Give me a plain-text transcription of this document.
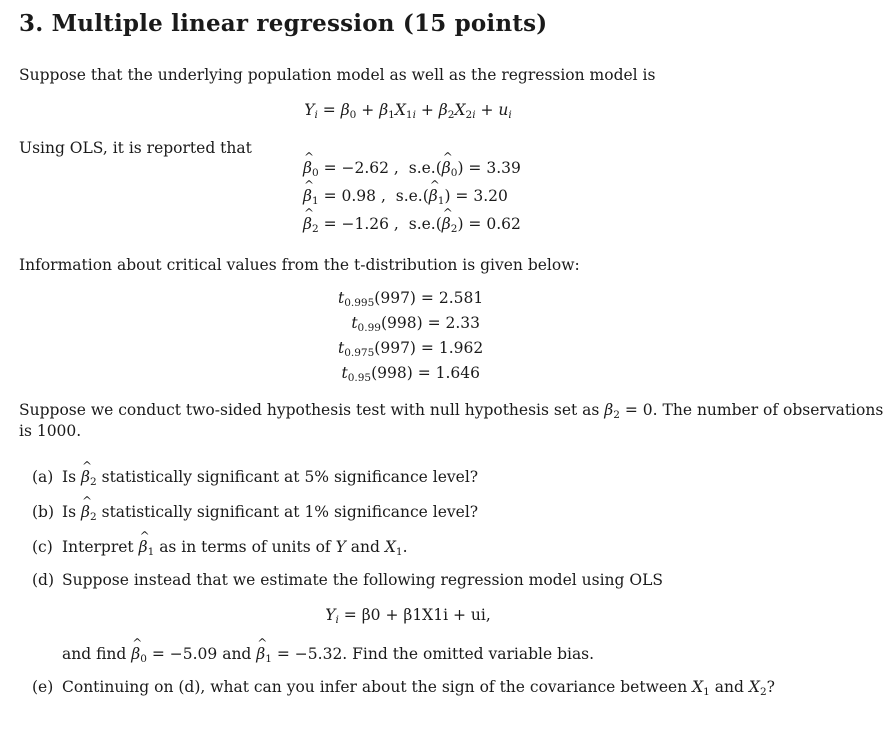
3. Multiple linear regression (15 points)
Suppose that the underlying population model as well as the regression model is
$Y_i = \beta_0 + \beta_1X_{1i} + \beta_2X_{2i} + u_i$
Using OLS, it is reported that
^ $\beta_0 = -2.62$ , s.e.(^ $\beta_0) = 3.39$
^ $\beta_1 = 0.98$ , s.e.(^ $\beta_1) = 3.20$
^ $\beta_2 = -1.26$ , s.e.(^ $\beta_2) = 0.62$
Information about critical values from the t-distribution is given below:
t0.995(997) = 2.581
t0.99(998) = 2.33
t0.975(997) = 1.962
t0.95(998) = 1.646
Suppose we conduct two-sided hypothesis test with null hypothesis set as $\beta_2 = 0$. The number of observations
is 1000.
(a) Is ^ $\beta_2$ statistically significant at 5% significance level?
(b) Is ^ $\beta_2$ statistically significant at 1% significance level?
(c) Interpret ^ $\beta_1$ as in terms of units of Y and $X_1$.
(d) Suppose instead that we estimate the following regression model using OLS
$Y_i = \beta 0 + \beta 1X1i$ + ui,
and find ^ $\beta_0 = -5.09$ and ^ $\beta_1 = -5.32$. Find the omitted variable bias.
(e) Continuing on (d), what can you infer about the sign of the covariance between $X_1$ and $X_2$?
